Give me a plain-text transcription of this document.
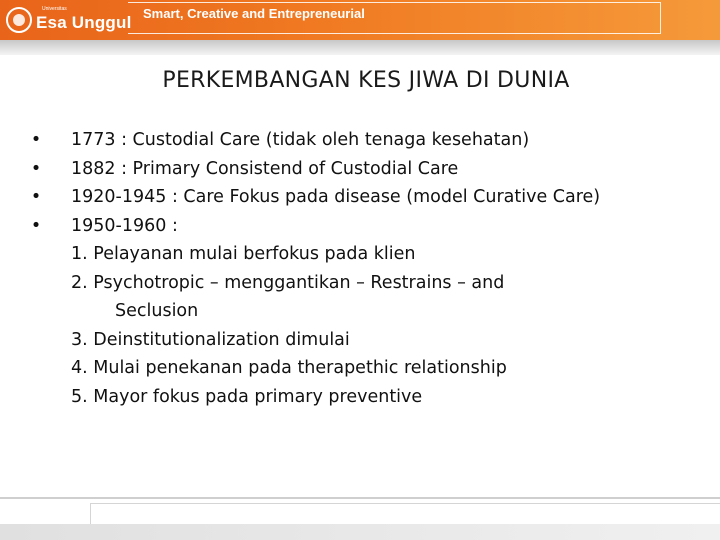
Universitas
Esa Unggul Smart, Creative and Entrepreneurial
PERKEMBANGAN KES JIWA DI DUNIA
• 1773 : Custodial Care (tidak oleh tenaga kesehatan)
• 1882 : Primary Consistend of Custodial Care
• 1920-1945 : Care Fokus pada disease (model Curative Care)
• 1950-1960 :
1. Pelayanan mulai berfokus pada klien
2. Psychotropic – menggantikan – Restrains – and
Seclusion
3. Deinstitutionalization dimulai
4. Mulai penekanan pada therapethic relationship
5. Mayor fokus pada primary preventive
